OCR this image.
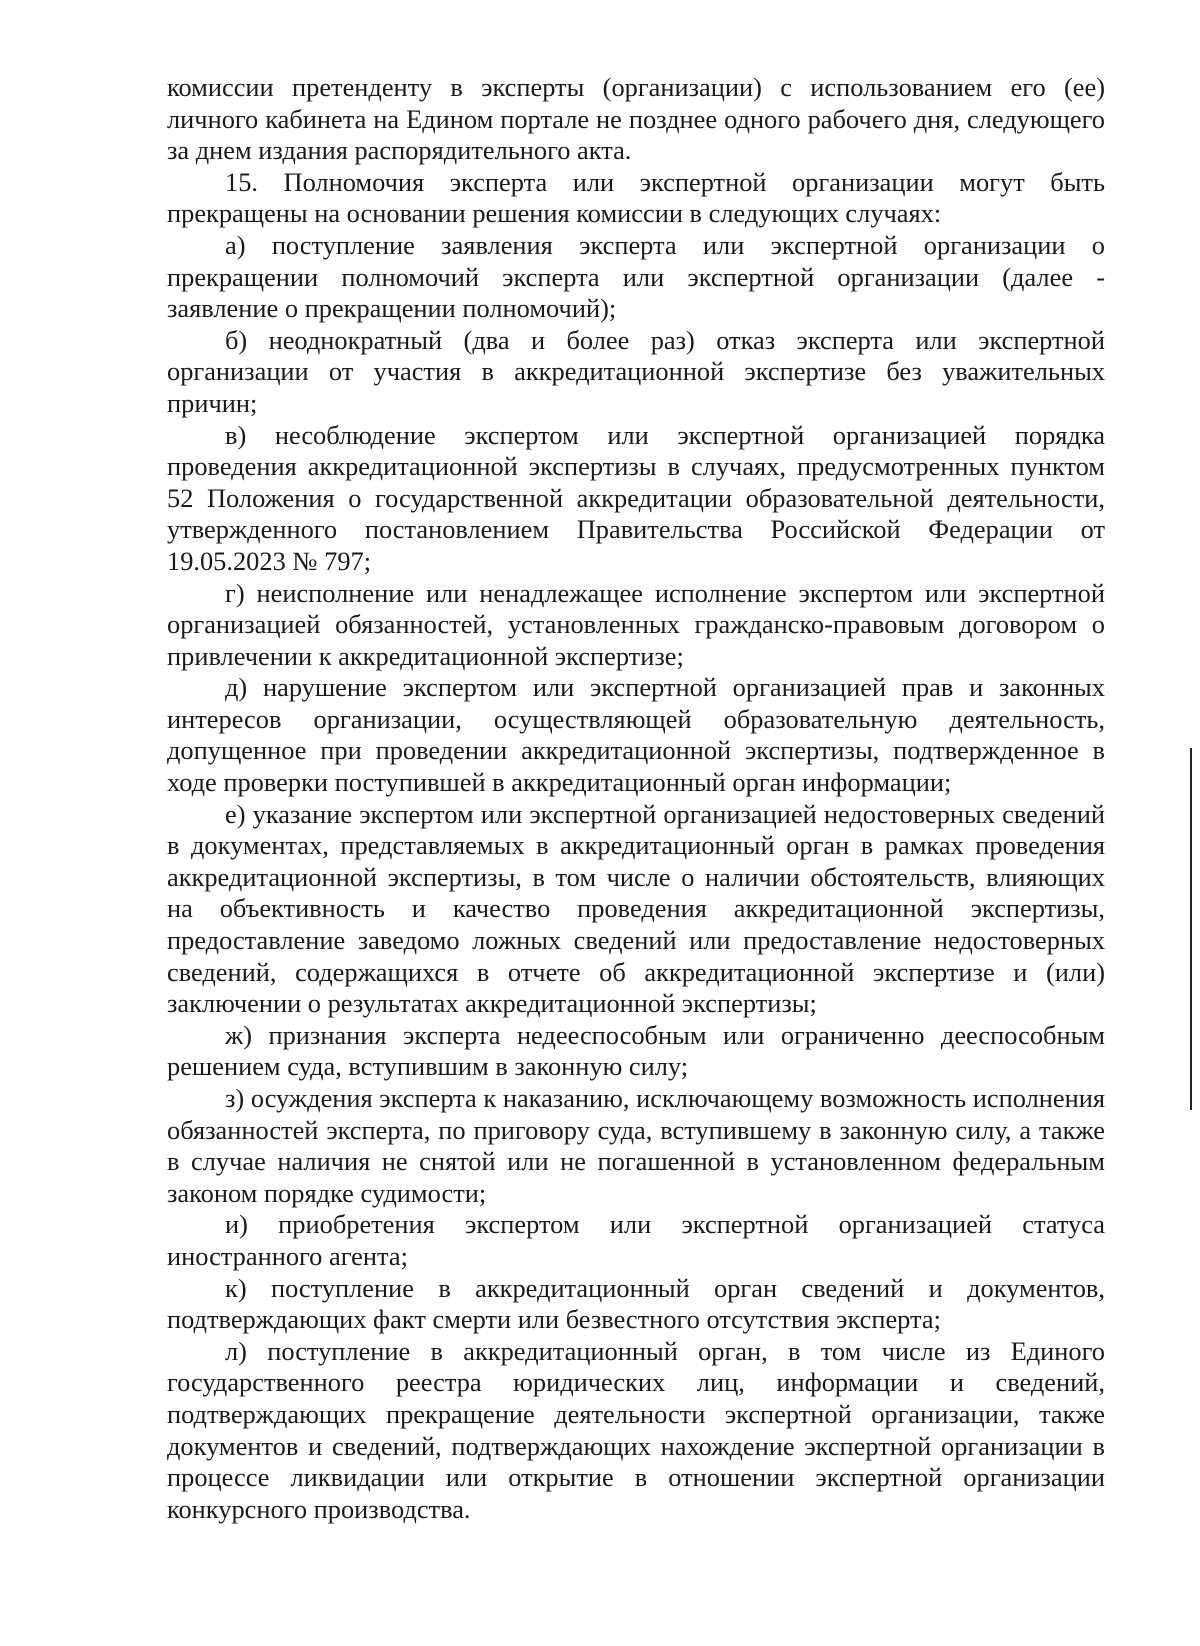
комиссии претенденту в эксперты (организации) с использованием его (ее) личного кабинета на Едином портале не позднее одного рабочего дня, следующего за днем издания распорядительного акта.

15. Полномочия эксперта или экспертной организации могут быть прекращены на основании решения комиссии в следующих случаях:

а) поступление заявления эксперта или экспертной организации о прекращении полномочий эксперта или экспертной организации (далее - заявление о прекращении полномочий);

б) неоднократный (два и более раз) отказ эксперта или экспертной организации от участия в аккредитационной экспертизе без уважительных причин;

в) несоблюдение экспертом или экспертной организацией порядка проведения аккредитационной экспертизы в случаях, предусмотренных пунктом 52 Положения о государственной аккредитации образовательной деятельности, утвержденного постановлением Правительства Российской Федерации от 19.05.2023 № 797;

г) неисполнение или ненадлежащее исполнение экспертом или экспертной организацией обязанностей, установленных гражданско-правовым договором о привлечении к аккредитационной экспертизе;

д) нарушение экспертом или экспертной организацией прав и законных интересов организации, осуществляющей образовательную деятельность, допущенное при проведении аккредитационной экспертизы, подтвержденное в ходе проверки поступившей в аккредитационный орган информации;

е) указание экспертом или экспертной организацией недостоверных сведений в документах, представляемых в аккредитационный орган в рамках проведения аккредитационной экспертизы, в том числе о наличии обстоятельств, влияющих на объективность и качество проведения аккредитационной экспертизы, предоставление заведомо ложных сведений или предоставление недостоверных сведений, содержащихся в отчете об аккредитационной экспертизе и (или) заключении о результатах аккредитационной экспертизы;

ж) признания эксперта недееспособным или ограниченно дееспособным решением суда, вступившим в законную силу;

з) осуждения эксперта к наказанию, исключающему возможность исполнения обязанностей эксперта, по приговору суда, вступившему в законную силу, а также в случае наличия не снятой или не погашенной в установленном федеральным законом порядке судимости;

и) приобретения экспертом или экспертной организацией статуса иностранного агента;

к) поступление в аккредитационный орган сведений и документов, подтверждающих факт смерти или безвестного отсутствия эксперта;

л) поступление в аккредитационный орган, в том числе из Единого государственного реестра юридических лиц, информации и сведений, подтверждающих прекращение деятельности экспертной организации, также документов и сведений, подтверждающих нахождение экспертной организации в процессе ликвидации или открытие в отношении экспертной организации конкурсного производства.
